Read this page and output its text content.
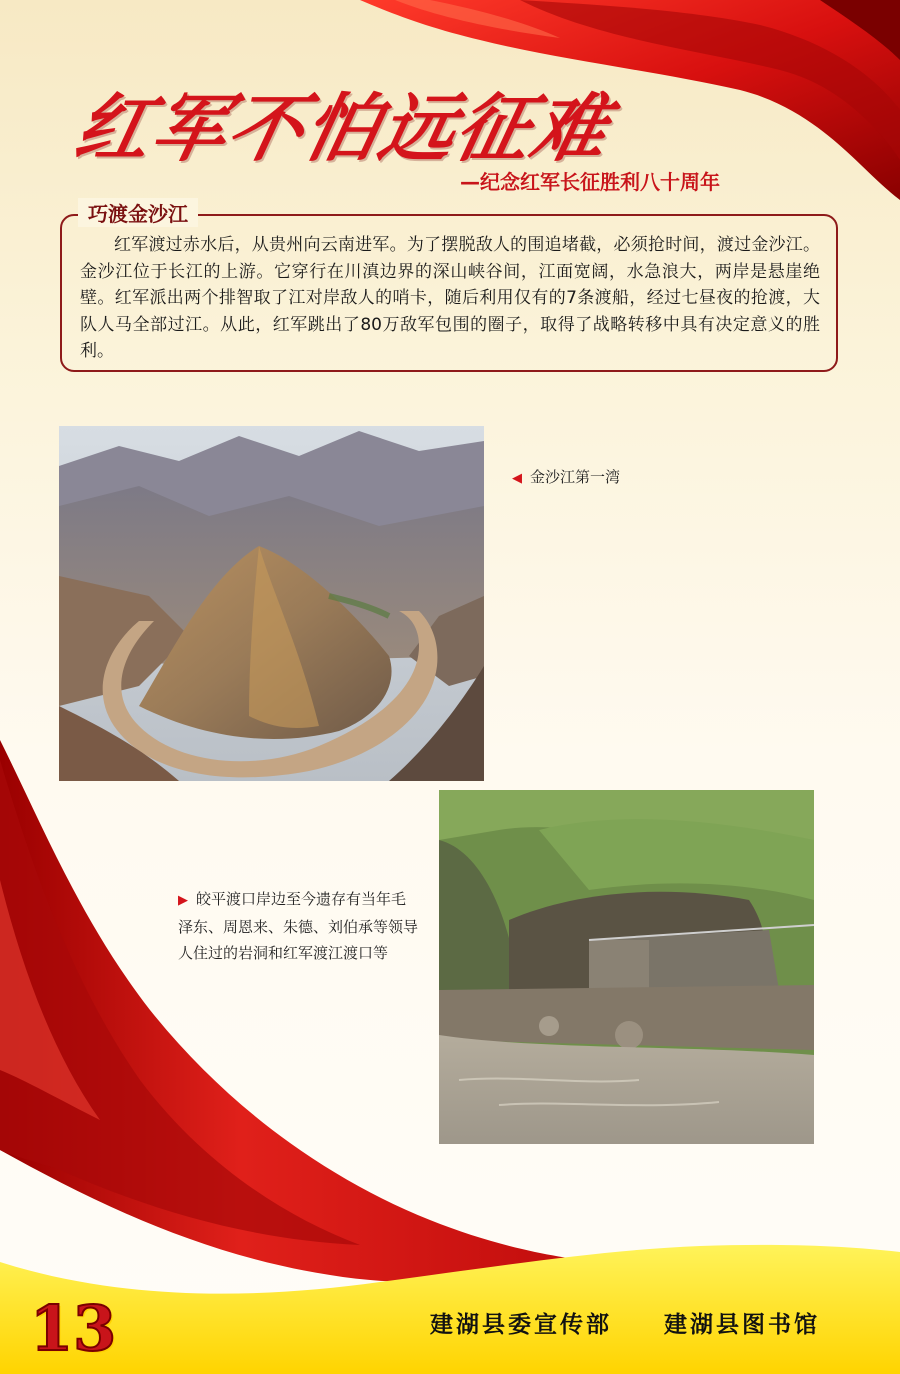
红军不怕远征难
—纪念红军长征胜利八十周年
巧渡金沙江
红军渡过赤水后，从贵州向云南进军。为了摆脱敌人的围追堵截，必须抢时间，渡过金沙江。金沙江位于长江的上游。它穿行在川滇边界的深山峡谷间，江面宽阔，水急浪大，两岸是悬崖绝壁。红军派出两个排智取了江对岸敌人的哨卡，随后利用仅有的7条渡船，经过七昼夜的抢渡，大队人马全部过江。从此，红军跳出了80万敌军包围的圈子，取得了战略转移中具有决定意义的胜利。
◀ 金沙江第一湾
▶ 皎平渡口岸边至今遗存有当年毛泽东、周恩来、朱德、刘伯承等领导人住过的岩洞和红军渡江渡口等
13	建湖县委宣传部 建湖县图书馆
